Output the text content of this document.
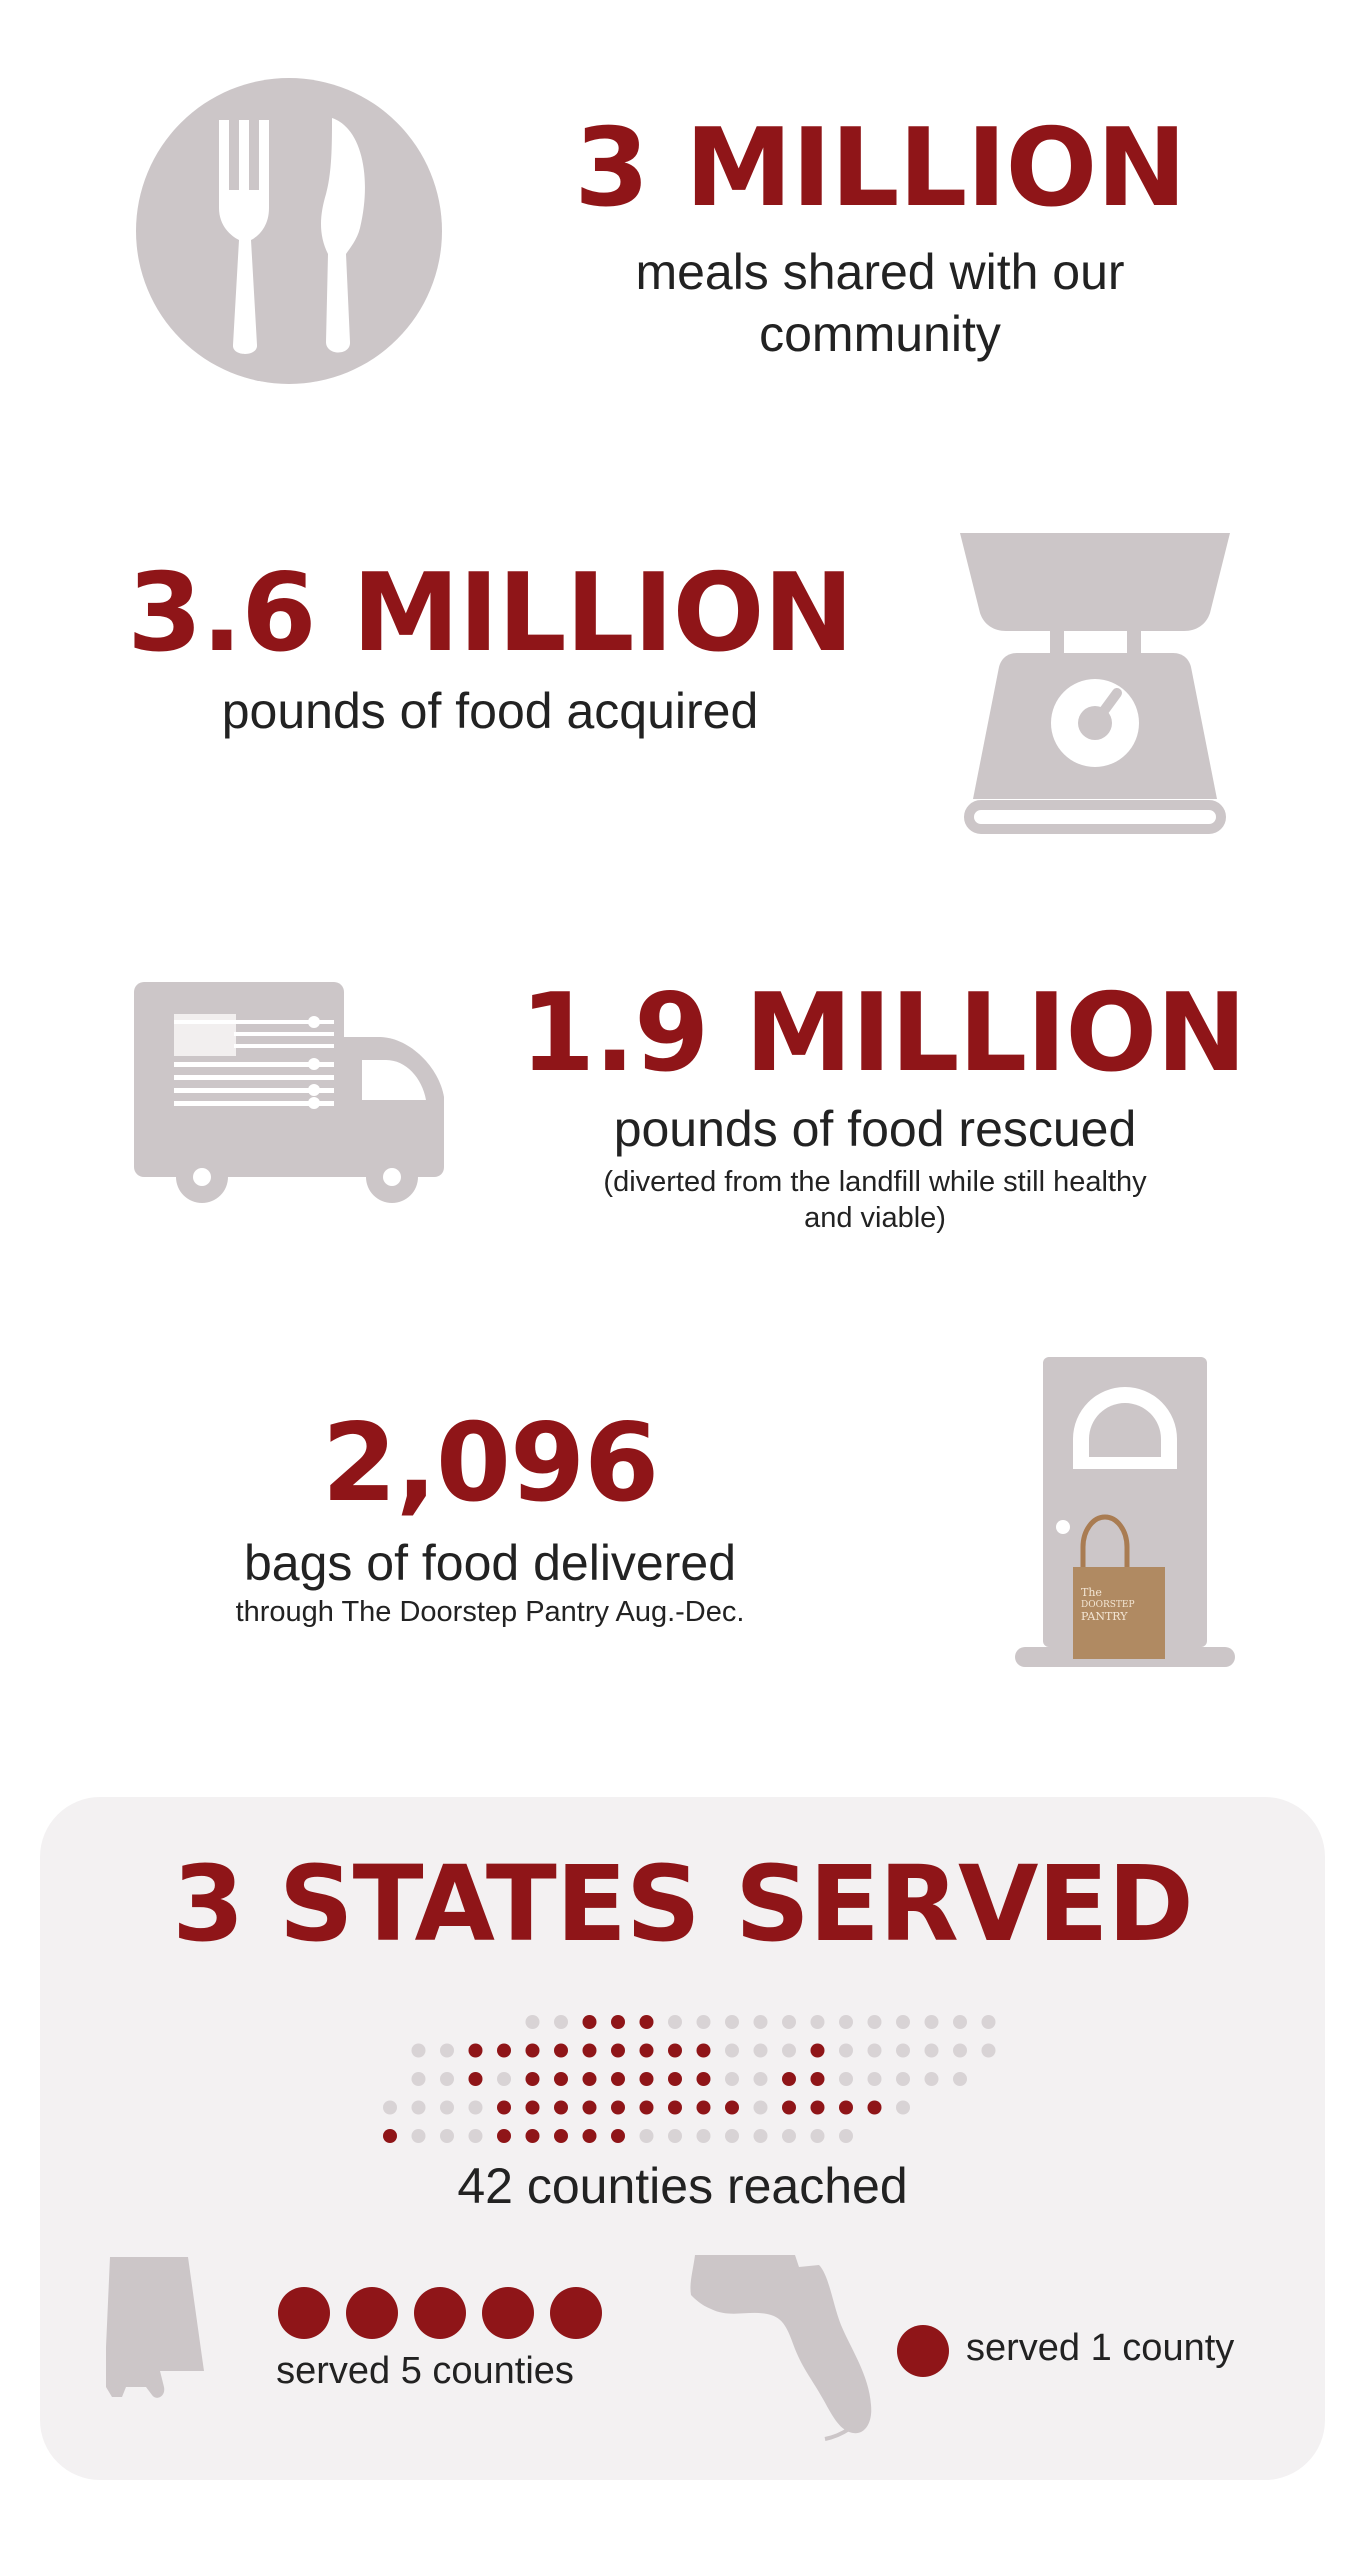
3 MILLION
meals shared with our community
3.6 MILLION
pounds of food acquired
1.9 MILLION
pounds of food rescued
(diverted from the landfill while still healthy and viable)
2,096
bags of food delivered
through The Doorstep Pantry Aug.-Dec.
The
DOORSTEP
PANTRY
3 STATES SERVED
42 counties reached
served 5 counties
served 1 county
